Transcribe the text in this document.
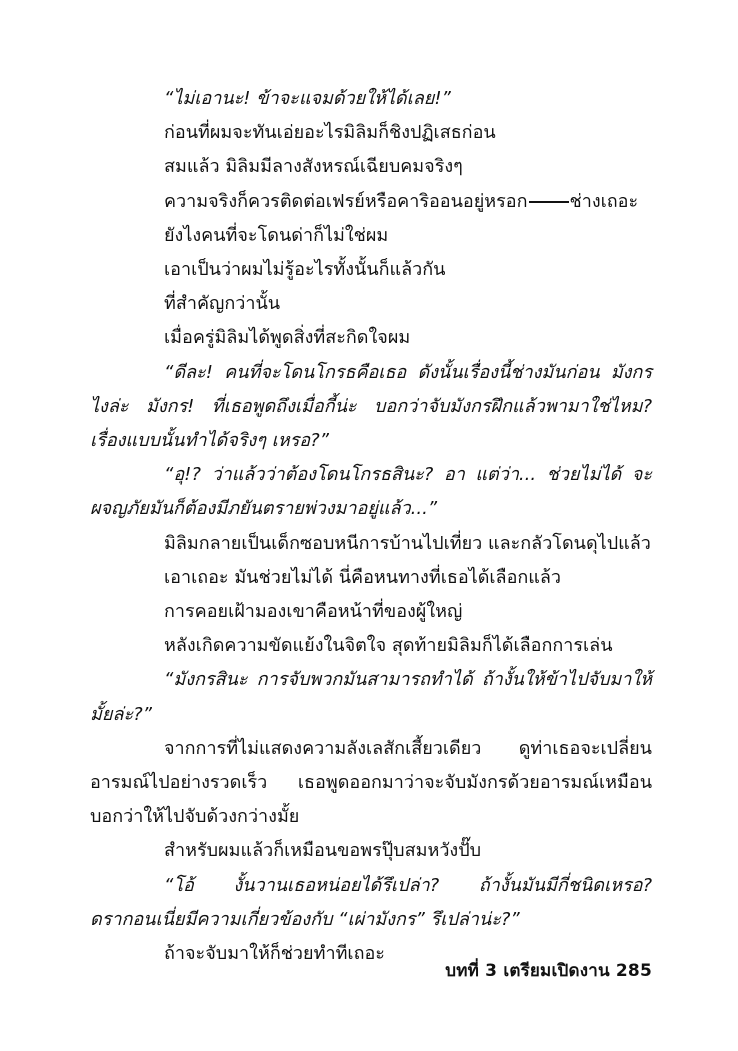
“ไม่เอานะ! ข้าจะแจมด้วยให้ได้เลย!”

ก่อนที่ผมจะทันเอ่ยอะไรมิลิมก็ชิงปฏิเสธก่อน

สมแล้ว มิลิมมีลางสังหรณ์เฉียบคมจริงๆ

ความจริงก็ควรติดต่อเฟรย์หรือคาริออนอยู่หรอก ช่างเถอะ

ยังไงคนที่จะโดนด่าก็ไม่ใช่ผม

เอาเป็นว่าผมไม่รู้อะไรทั้งนั้นก็แล้วกัน

ที่สำคัญกว่านั้น

เมื่อครู่มิลิมได้พูดสิ่งที่สะกิดใจผม

“ดีละ! คนที่จะโดนโกรธคือเธอ ดังนั้นเรื่องนี้ช่างมันก่อน มังกรไงล่ะ มังกร! ที่เธอพูดถึงเมื่อกี้น่ะ บอกว่าจับมังกรฝึกแล้วพามาใช่ไหม? เรื่องแบบนั้นทำได้จริงๆ เหรอ?”

“อุ!? ว่าแล้วว่าต้องโดนโกรธสินะ? อา แต่ว่า... ช่วยไม่ได้ จะผจญภัยมันก็ต้องมีภยันตรายพ่วงมาอยู่แล้ว...”

มิลิมกลายเป็นเด็กซอบหนีการบ้านไปเที่ยว และกลัวโดนดุไปแล้ว

เอาเถอะ มันช่วยไม่ได้ นี่คือหนทางที่เธอได้เลือกแล้ว

การคอยเฝ้ามองเขาคือหน้าที่ของผู้ใหญ่

หลังเกิดความขัดแย้งในจิตใจ สุดท้ายมิลิมก็ได้เลือกการเล่น

“มังกรสินะ การจับพวกมันสามารถทำได้ ถ้างั้นให้ข้าไปจับมาให้มั้ยล่ะ?”

จากการที่ไม่แสดงความลังเลสักเสี้ยวเดียว ดูท่าเธอจะเปลี่ยนอารมณ์ไปอย่างรวดเร็ว เธอพูดออกมาว่าจะจับมังกรด้วยอารมณ์เหมือนบอกว่าให้ไปจับด้วงกว่างมั้ย

สำหรับผมแล้วก็เหมือนขอพรปุ๊บสมหวังปั๊บ

“โอ้ งั้นวานเธอหน่อยได้รึเปล่า? ถ้างั้นมันมีกี่ชนิดเหรอ? ดรากอนเนี่ยมีความเกี่ยวข้องกับ “เผ่ามังกร” รึเปล่าน่ะ?”

ถ้าจะจับมาให้ก็ช่วยทำทีเถอะ

บทที่ 3 เตรียมเปิดงาน 285
